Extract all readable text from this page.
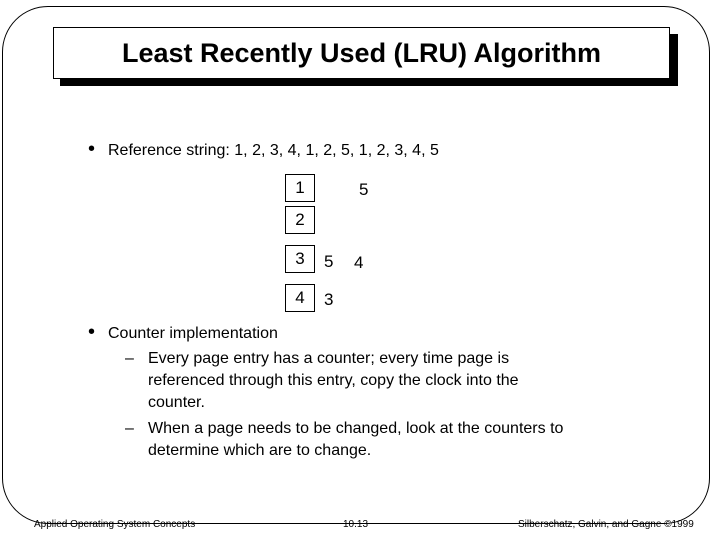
Least Recently Used (LRU) Algorithm
• Reference string: 1, 2, 3, 4, 1, 2, 5, 1, 2, 3, 4, 5
1
2
3
4
5
5 4
3
• Counter implementation
– Every page entry has a counter; every time page is
referenced through this entry, copy the clock into the
counter.
– When a page needs to be changed, look at the counters to
determine which are to change.
Applied Operating System Concepts	10.13	Silberschatz, Galvin, and Gagne ©1999
